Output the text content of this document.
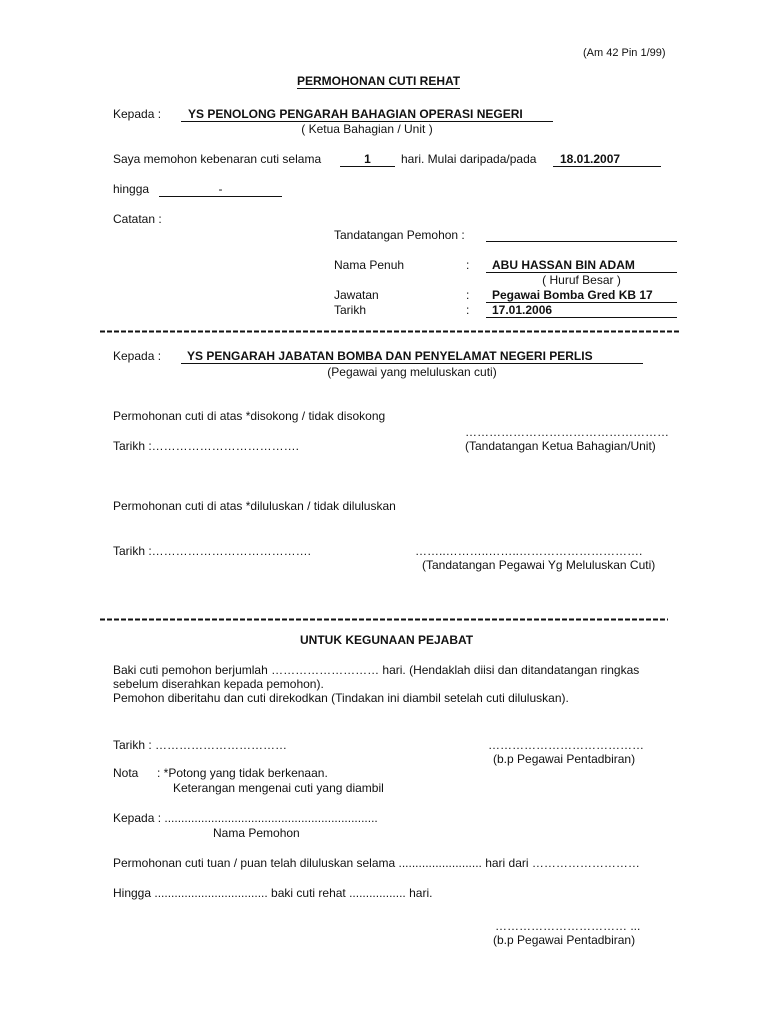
(Am 42 Pin 1/99)
PERMOHONAN CUTI REHAT
Kepada :	YS PENOLONG PENGARAH BAHAGIAN OPERASI NEGERI
( Ketua Bahagian / Unit )
Saya memohon kebenaran cuti selama	1	hari. Mulai daripada/pada	18.01.2007
hingga	-
Catatan :
Tandatangan Pemohon :
Nama Penuh	:	ABU HASSAN BIN ADAM
( Huruf Besar )
Jawatan	:	Pegawai Bomba Gred KB 17
Tarikh	:	17.01.2006
Kepada :	YS PENGARAH JABATAN BOMBA DAN PENYELAMAT NEGERI PERLIS
(Pegawai yang meluluskan cuti)
Permohonan cuti di atas *disokong / tidak disokong
……………………………………………
Tarikh :……………………………….	(Tandatangan Ketua Bahagian/Unit)
Permohonan cuti di atas *diluluskan / tidak diluluskan
Tarikh :………………………………….	……..………..……..………………………….
(Tandatangan Pegawai Yg Meluluskan Cuti)
UNTUK KEGUNAAN PEJABAT
Baki cuti pemohon berjumlah ……………………… hari. (Hendaklah diisi dan ditandatangan ringkas
sebelum diserahkan kepada pemohon).
Pemohon diberitahu dan cuti direkodkan (Tindakan ini diambil setelah cuti diluluskan).
Tarikh : ……………………………	…………………………………
(b.p Pegawai Pentadbiran)
Nota : *Potong yang tidak berkenaan.
Keterangan mengenai cuti yang diambil
Kepada : ................................................................
Nama Pemohon
Permohonan cuti tuan / puan telah diluluskan selama ......................... hari dari ………………………
Hingga .................................. baki cuti rehat ................. hari.
…………………………… ...
(b.p Pegawai Pentadbiran)
